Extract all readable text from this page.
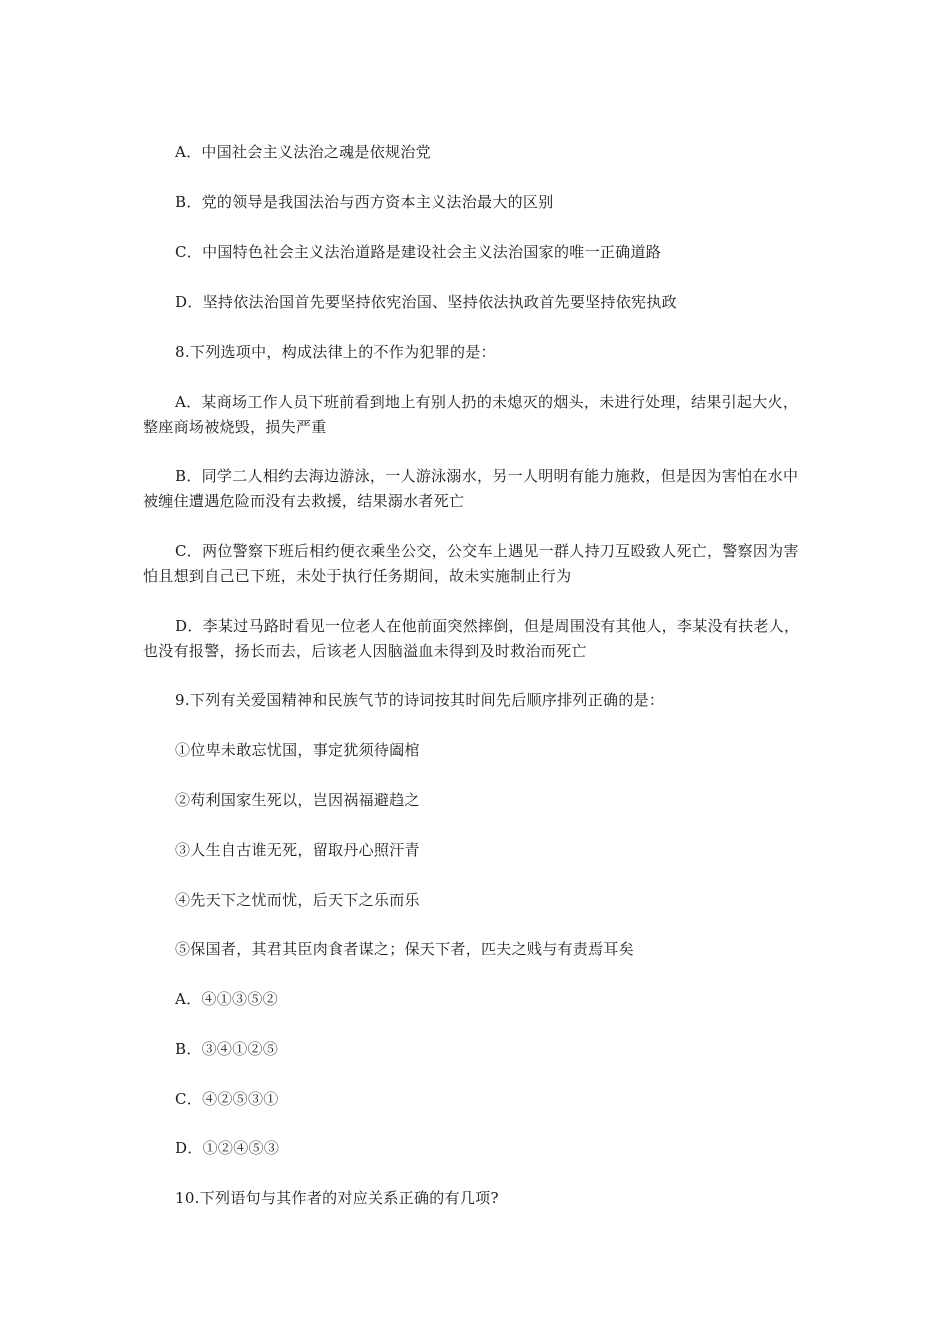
A．中国社会主义法治之魂是依规治党

B．党的领导是我国法治与西方资本主义法治最大的区别

C．中国特色社会主义法治道路是建设社会主义法治国家的唯一正确道路

D．坚持依法治国首先要坚持依宪治国、坚持依法执政首先要坚持依宪执政

8.下列选项中，构成法律上的不作为犯罪的是：

A．某商场工作人员下班前看到地上有别人扔的未熄灭的烟头，未进行处理，结果引起大火，整座商场被烧毁，损失严重

B．同学二人相约去海边游泳，一人游泳溺水，另一人明明有能力施救，但是因为害怕在水中被缠住遭遇危险而没有去救援，结果溺水者死亡

C．两位警察下班后相约便衣乘坐公交，公交车上遇见一群人持刀互殴致人死亡，警察因为害怕且想到自己已下班，未处于执行任务期间，故未实施制止行为

D．李某过马路时看见一位老人在他前面突然摔倒，但是周围没有其他人，李某没有扶老人，也没有报警，扬长而去，后该老人因脑溢血未得到及时救治而死亡

9.下列有关爱国精神和民族气节的诗词按其时间先后顺序排列正确的是：

①位卑未敢忘忧国，事定犹须待阖棺

②苟利国家生死以，岂因祸福避趋之

③人生自古谁无死，留取丹心照汗青

④先天下之忧而忧，后天下之乐而乐

⑤保国者，其君其臣肉食者谋之；保天下者，匹夫之贱与有责焉耳矣

A．④①③⑤②

B．③④①②⑤

C．④②⑤③①

D．①②④⑤③

10.下列语句与其作者的对应关系正确的有几项?
